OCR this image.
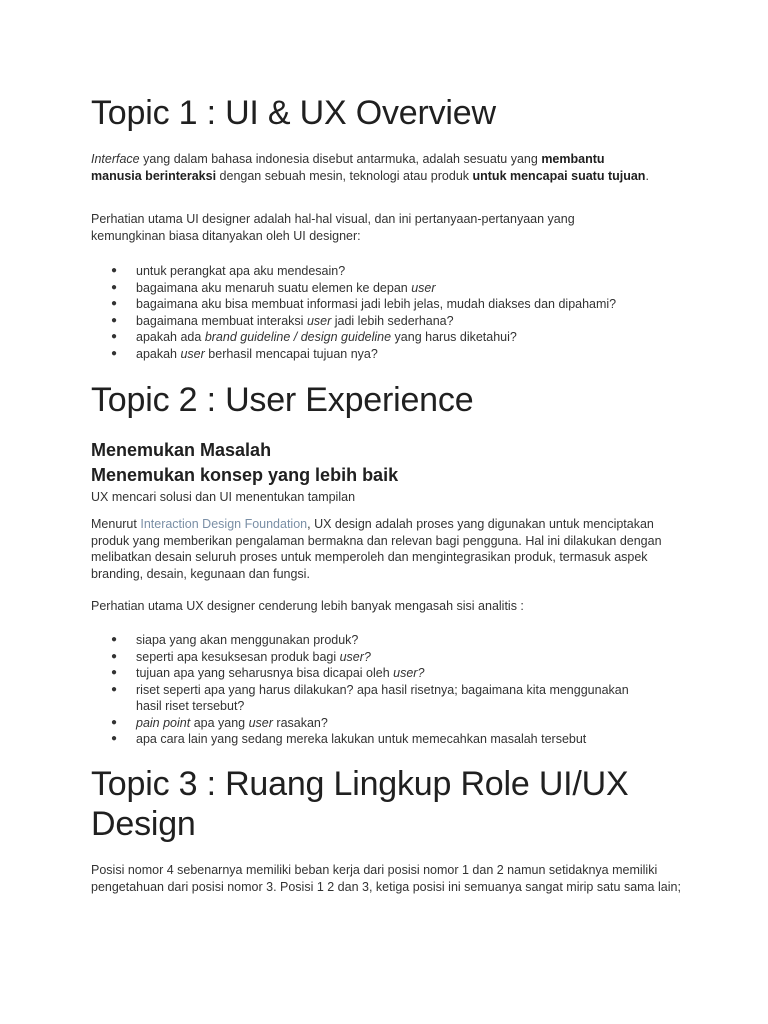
Topic 1 : UI & UX Overview

Interface yang dalam bahasa indonesia disebut antarmuka, adalah sesuatu yang membantu manusia berinteraksi dengan sebuah mesin, teknologi atau produk untuk mencapai suatu tujuan.

Perhatian utama UI designer adalah hal-hal visual, dan ini pertanyaan-pertanyaan yang kemungkinan biasa ditanyakan oleh UI designer:

● untuk perangkat apa aku mendesain?
● bagaimana aku menaruh suatu elemen ke depan user
● bagaimana aku bisa membuat informasi jadi lebih jelas, mudah diakses dan dipahami?
● bagaimana membuat interaksi user jadi lebih sederhana?
● apakah ada brand guideline / design guideline yang harus diketahui?
● apakah user berhasil mencapai tujuan nya?
Topic 2 : User Experience
Menemukan Masalah
Menemukan konsep yang lebih baik

UX mencari solusi dan UI menentukan tampilan

Menurut Interaction Design Foundation, UX design adalah proses yang digunakan untuk menciptakan produk yang memberikan pengalaman bermakna dan relevan bagi pengguna. Hal ini dilakukan dengan melibatkan desain seluruh proses untuk memperoleh dan mengintegrasikan produk, termasuk aspek branding, desain, kegunaan dan fungsi.

Perhatian utama UX designer cenderung lebih banyak mengasah sisi analitis :

● siapa yang akan menggunakan produk?
● seperti apa kesuksesan produk bagi user?
● tujuan apa yang seharusnya bisa dicapai oleh user?
● riset seperti apa yang harus dilakukan? apa hasil risetnya; bagaimana kita menggunakan hasil riset tersebut?
● pain point apa yang user rasakan?
● apa cara lain yang sedang mereka lakukan untuk memecahkan masalah tersebut
Topic 3 : Ruang Lingkup Role UI/UX Design

Posisi nomor 4 sebenarnya memiliki beban kerja dari posisi nomor 1 dan 2 namun setidaknya memiliki pengetahuan dari posisi nomor 3. Posisi 1 2 dan 3, ketiga posisi ini semuanya sangat mirip satu sama lain;
